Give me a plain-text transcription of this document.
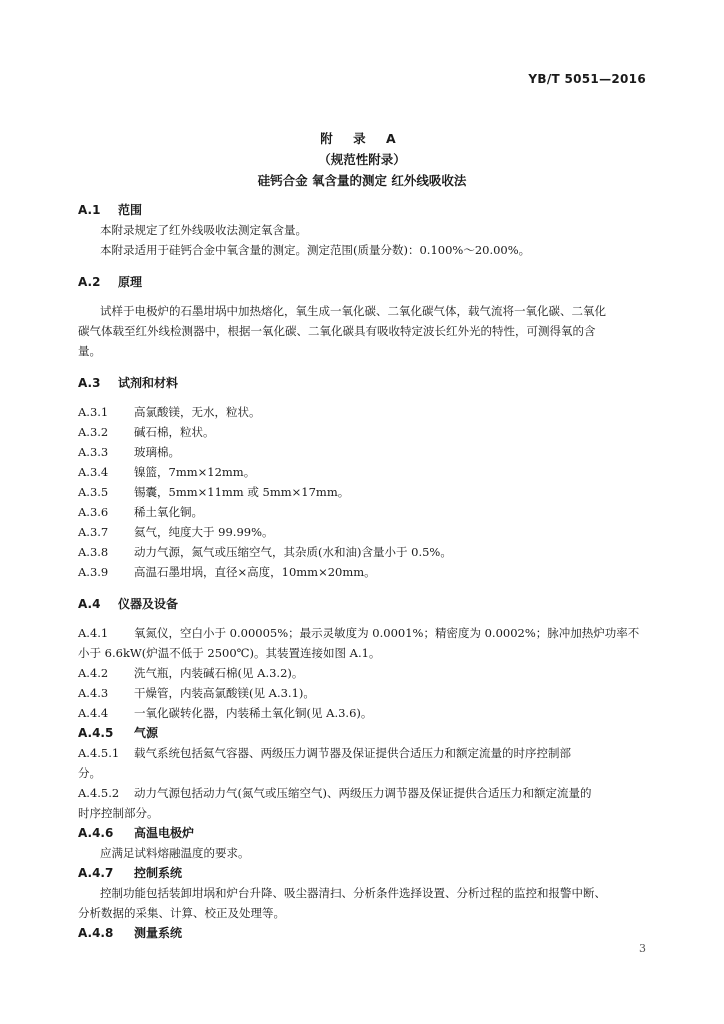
YB/T 5051—2016
附 录 A
（规范性附录）
硅钙合金 氧含量的测定 红外线吸收法
A.1 范围
本附录规定了红外线吸收法测定氧含量。
本附录适用于硅钙合金中氧含量的测定。测定范围(质量分数)：0.100%～20.00%。
A.2 原理
试样于电极炉的石墨坩埚中加热熔化，氧生成一氧化碳、二氧化碳气体，载气流将一氧化碳、二氧化
碳气体载至红外线检测器中，根据一氧化碳、二氧化碳具有吸收特定波长红外光的特性，可测得氧的含
量。
A.3 试剂和材料
A.3.1 高氯酸镁，无水，粒状。
A.3.2 碱石棉，粒状。
A.3.3 玻璃棉。
A.3.4 镍篮，7mm×12mm。
A.3.5 锡囊，5mm×11mm 或 5mm×17mm。
A.3.6 稀土氧化铜。
A.3.7 氦气，纯度大于 99.99%。
A.3.8 动力气源，氮气或压缩空气，其杂质(水和油)含量小于 0.5%。
A.3.9 高温石墨坩埚，直径×高度，10mm×20mm。
A.4 仪器及设备
A.4.1 氧氮仪，空白小于 0.00005%；最示灵敏度为 0.0001%；精密度为 0.0002%；脉冲加热炉功率不
小于 6.6kW(炉温不低于 2500℃)。其装置连接如图 A.1。
A.4.2 洗气瓶，内装碱石棉(见 A.3.2)。
A.4.3 干燥管，内装高氯酸镁(见 A.3.1)。
A.4.4 一氧化碳转化器，内装稀土氧化铜(见 A.3.6)。
A.4.5 气源
A.4.5.1 载气系统包括氦气容器、两级压力调节器及保证提供合适压力和额定流量的时序控制部
分。
A.4.5.2 动力气源包括动力气(氮气或压缩空气)、两级压力调节器及保证提供合适压力和额定流量的
时序控制部分。
A.4.6 高温电极炉
应满足试料熔融温度的要求。
A.4.7 控制系统
控制功能包括装卸坩埚和炉台升降、吸尘器清扫、分析条件选择设置、分析过程的监控和报警中断、
分析数据的采集、计算、校正及处理等。
A.4.8 测量系统
3
